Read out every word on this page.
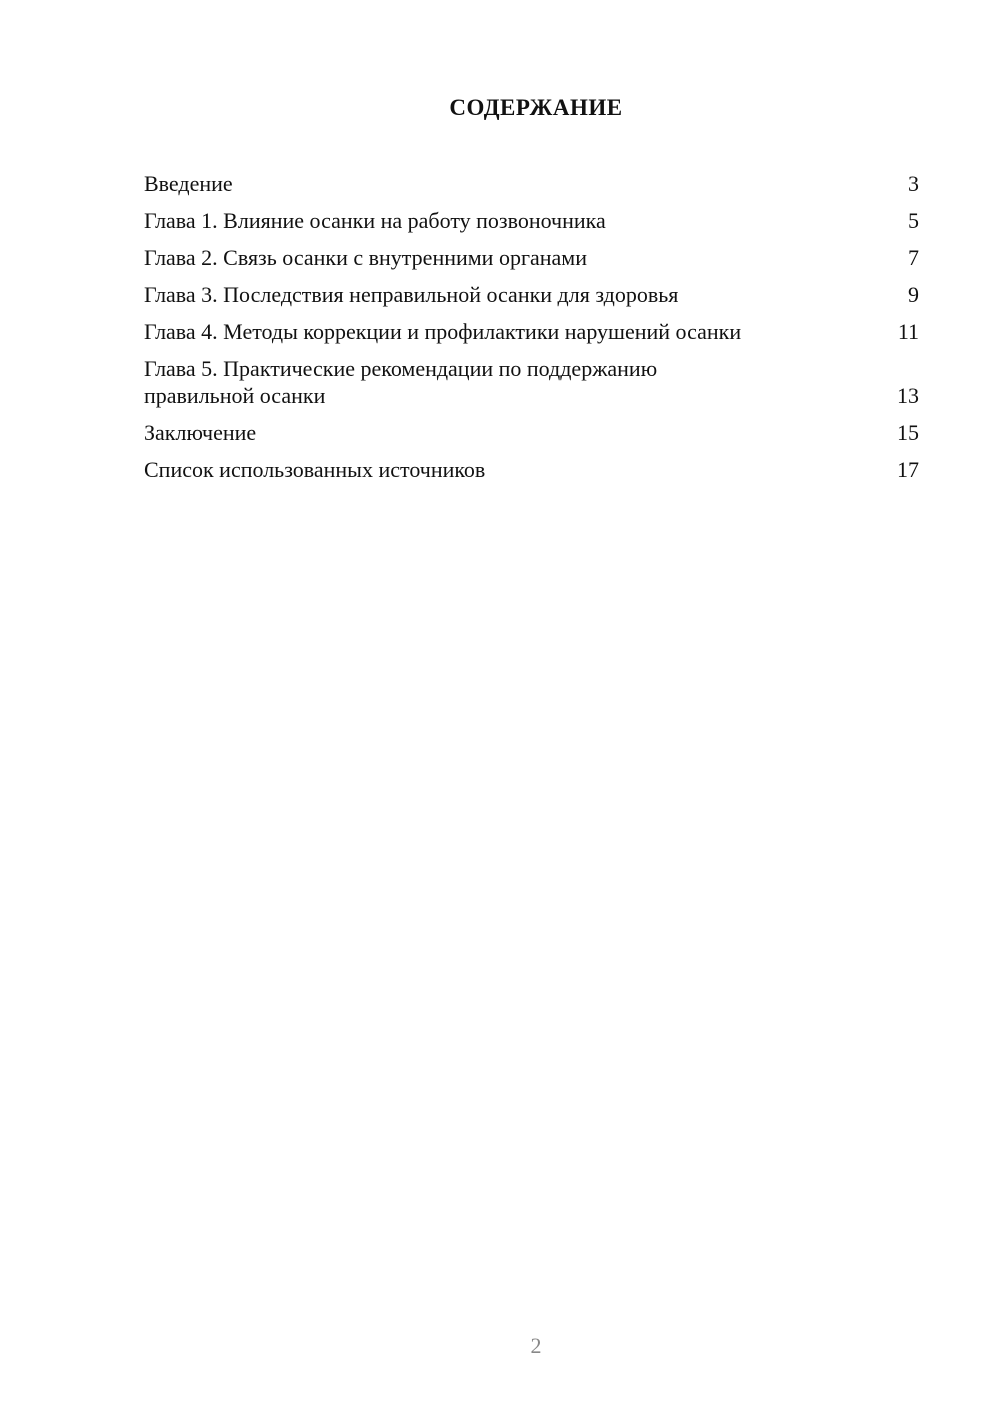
СОДЕРЖАНИЕ
Введение	3
Глава 1. Влияние осанки на работу позвоночника	5
Глава 2. Связь осанки с внутренними органами	7
Глава 3. Последствия неправильной осанки для здоровья	9
Глава 4. Методы коррекции и профилактики нарушений осанки	11
Глава 5. Практические рекомендации по поддержанию правильной осанки	13
Заключение	15
Список использованных источников	17
2
